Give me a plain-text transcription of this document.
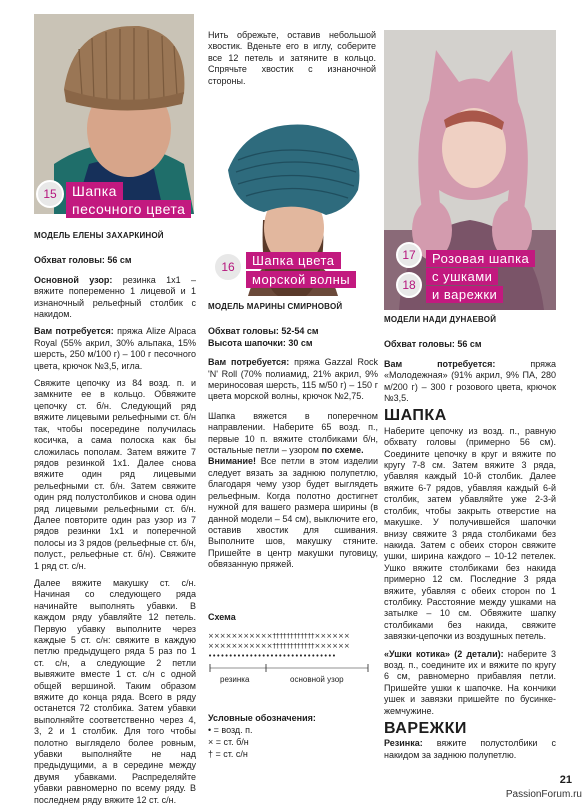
15	Шапка
песочного цвета

МОДЕЛЬ ЕЛЕНЫ ЗАХАРКИНОЙ

Обхват головы: 56 см

Основной узор: резинка 1х1 – вяжите попеременно 1 лицевой и 1 изнаночный рельефный столбик с накидом.

Вам потребуется: пряжа Alize Alpaca Royal (55% акрил, 30% альпака, 15% шерсть, 250 м/100 г) – 100 г песочного цвета, крючок №3,5, игла.

Свяжите цепочку из 84 возд. п. и замкните ее в кольцо. Обвяжите цепочку ст. б/н. Следующий ряд вяжите лицевыми рельефными ст. б/н так, чтобы посередине получилась косичка, а сама полоска как бы сложилась пополам. Затем вяжите 7 рядов резинкой 1х1. Далее снова вяжите один ряд лицевыми рельефными ст. б/н. Затем свяжите один ряд полустолбиков и снова один ряд лицевыми рельефными ст. б/н. Далее повторите один раз узор из 7 рядов резинки 1х1 и поперечной полосы из 3 рядов (рельефные ст. б/н, полуст., рельефные ст. б/н). Свяжите 1 ряд ст. с/н.

Далее вяжите макушку ст. с/н. Начиная со следующего ряда начинайте выполнять убавки. В каждом ряду убавляйте 12 петель. Первую убавку выполните через каждые 5 ст. с/н: свяжите в каждую петлю предыдущего ряда 5 раз по 1 ст. с/н, а следующие 2 петли вывяжите вместе 1 ст. с/н с одной общей вершиной. Таким образом вяжите до конца ряда. Всего в ряду останется 72 столбика. Затем убавки выполняйте соответственно через 4, 3, 2 и 1 столбик. Для того чтобы полотно выглядело более ровным, убавки выполняйте не над предыдущими, а в середине между двумя убавками. Распределяйте убавки равномерно по всему ряду. В последнем ряду вяжите 12 ст. с/н.

Нить обрежьте, оставив небольшой хвостик. Вденьте его в иглу, соберите все 12 петель и затяните в кольцо. Спрячьте хвостик с изнаночной стороны.

16	Шапка цвета
морской волны

МОДЕЛЬ МАРИНЫ СМИРНОВОЙ

Обхват головы: 52-54 см

Высота шапочки: 30 см

Вам потребуется: пряжа Gazzal Rock 'N' Roll (70% полиамид, 21% акрил, 9% мериносовая шерсть, 115 м/50 г) – 150 г цвета морской волны, крючок №2,75.

Шапка вяжется в поперечном направлении. Наберите 65 возд. п., первые 10 п. вяжите столбиками б/н, остальные петли – узором по схеме.
Внимание! Все петли в этом изделии следует вязать за заднюю полупетлю, благодаря чему узор будет выглядеть рельефным. Когда полотно достигнет нужной для вашего размера ширины (в данной модели – 54 см), выключите его, оставив хвостик для сшивания. Выполните шов, макушку стяните. Пришейте в центр макушки пуговицу, обвязанную пряжей.

Схема
×××××××××××††††††††††††××××××
×××××××××××††††††††††††××××××
•••••••••••••••••••••••••••••••
резинка	основной узор
Условные обозначения:
• = возд. п.
× = ст. б/н
† = ст. с/н
17
18
Розовая шапка
с ушками
и варежки

МОДЕЛИ НАДИ ДУНАЕВОЙ

Обхват головы: 56 см

Вам потребуется: пряжа «Молодежная» (91% акрил, 9% ПА, 280 м/200 г) – 300 г розового цвета, крючок №3,5.

ШАПКА

Наберите цепочку из возд. п., равную обхвату головы (примерно 56 см). Соедините цепочку в круг и вяжите по кругу 7-8 см. Затем вяжите 3 ряда, убавляя каждый 10-й столбик. Далее вяжите 6-7 рядов, убавляя каждый 6-й столбик, затем убавляйте уже 2-3-й столбик, чтобы закрыть отверстие на макушке. У получившейся шапочки внизу свяжите 3 ряда столбиками без накида. Затем с обеих сторон свяжите ушки, ширина каждого – 10-12 петелек. Ушко вяжите столбиками без накида примерно 12 см. Последние 3 ряда вяжите, убавляя с обеих сторон по 1 столбику. Расстояние между ушками на затылке – 10 см. Обвяжите шапку столбиками без накида, свяжите завязки-цепочки из воздушных петель.

«Ушки котика» (2 детали): наберите 3 возд. п., соедините их и вяжите по кругу 6 см, равномерно прибавляя петли. Пришейте ушки к шапочке. На кончики ушек и завязки пришейте по бусинке-жемчужине.

ВАРЕЖКИ

Резинка: вяжите полустолбики с накидом за заднюю полупетлю.

21
PassionForum.ru
